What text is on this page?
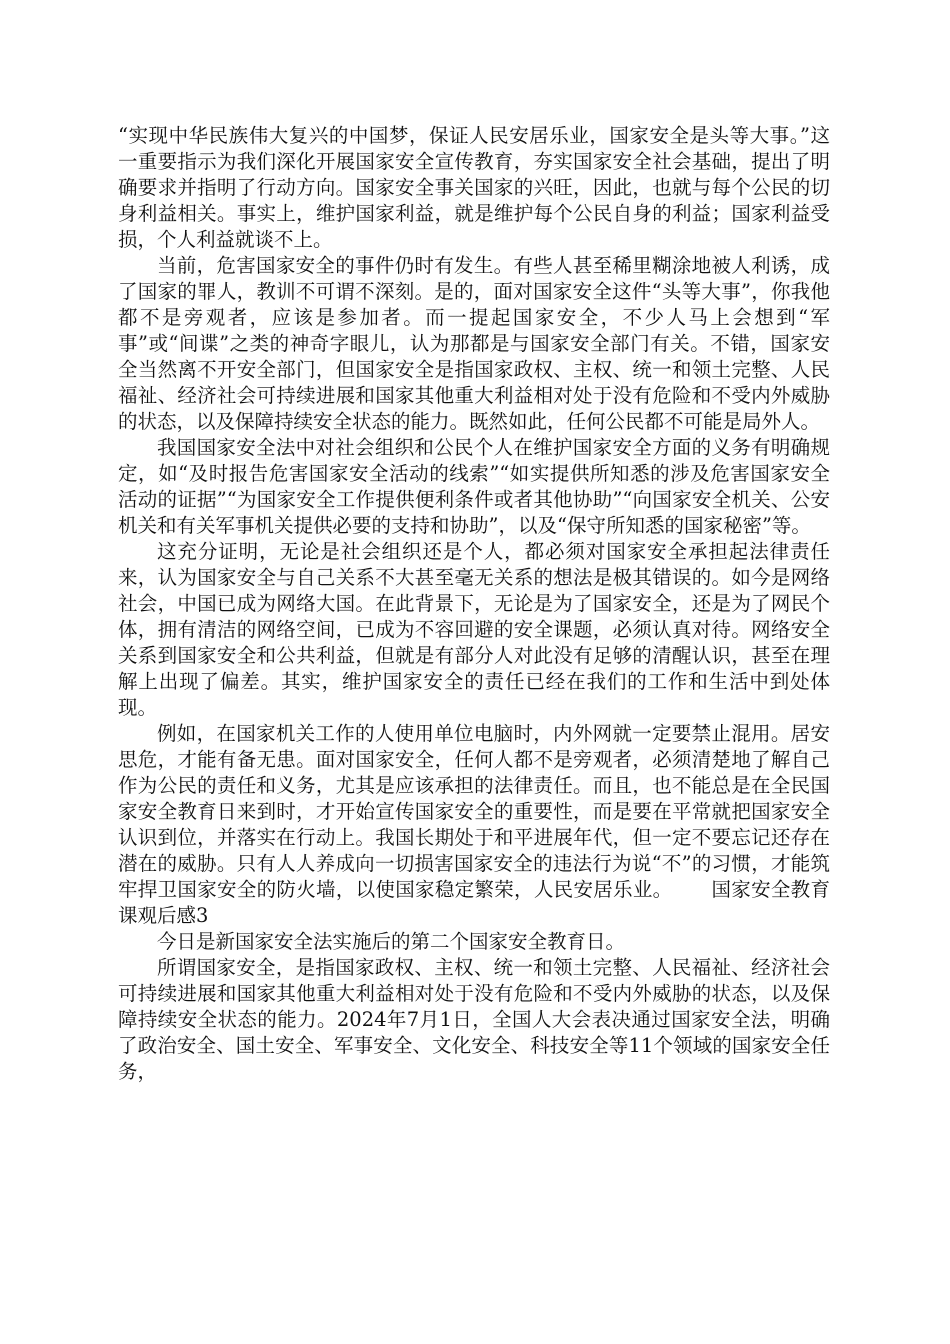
“实现中华民族伟大复兴的中国梦，保证人民安居乐业，国家安全是头等大事。”这一重要指示为我们深化开展国家安全宣传教育，夯实国家安全社会基础，提出了明确要求并指明了行动方向。国家安全事关国家的兴旺，因此，也就与每个公民的切身利益相关。事实上，维护国家利益，就是维护每个公民自身的利益；国家利益受损，个人利益就谈不上。

当前，危害国家安全的事件仍时有发生。有些人甚至稀里糊涂地被人利诱，成了国家的罪人，教训不可谓不深刻。是的，面对国家安全这件“头等大事”，你我他都不是旁观者，应该是参加者。而一提起国家安全，不少人马上会想到“军事”或“间谍”之类的神奇字眼儿，认为那都是与国家安全部门有关。不错，国家安全当然离不开安全部门，但国家安全是指国家政权、主权、统一和领土完整、人民福祉、经济社会可持续进展和国家其他重大利益相对处于没有危险和不受内外威胁的状态，以及保障持续安全状态的能力。既然如此，任何公民都不可能是局外人。

我国国家安全法中对社会组织和公民个人在维护国家安全方面的义务有明确规定，如“及时报告危害国家安全活动的线索”“如实提供所知悉的涉及危害国家安全活动的证据”“为国家安全工作提供便利条件或者其他协助”“向国家安全机关、公安机关和有关军事机关提供必要的支持和协助”，以及“保守所知悉的国家秘密”等。

这充分证明，无论是社会组织还是个人，都必须对国家安全承担起法律责任来，认为国家安全与自己关系不大甚至毫无关系的想法是极其错误的。如今是网络社会，中国已成为网络大国。在此背景下，无论是为了国家安全，还是为了网民个体，拥有清洁的网络空间，已成为不容回避的安全课题，必须认真对待。网络安全关系到国家安全和公共利益，但就是有部分人对此没有足够的清醒认识，甚至在理解上出现了偏差。其实，维护国家安全的责任已经在我们的工作和生活中到处体现。

例如，在国家机关工作的人使用单位电脑时，内外网就一定要禁止混用。居安思危，才能有备无患。面对国家安全，任何人都不是旁观者，必须清楚地了解自己作为公民的责任和义务，尤其是应该承担的法律责任。而且，也不能总是在全民国家安全教育日来到时，才开始宣传国家安全的重要性，而是要在平常就把国家安全认识到位，并落实在行动上。我国长期处于和平进展年代，但一定不要忘记还存在潜在的威胁。只有人人养成向一切损害国家安全的违法行为说“不”的习惯，才能筑牢捍卫国家安全的防火墙，以使国家稳定繁荣，人民安居乐业。 国家安全教育课观后感3

今日是新国家安全法实施后的第二个国家安全教育日。

所谓国家安全，是指国家政权、主权、统一和领土完整、人民福祉、经济社会可持续进展和国家其他重大利益相对处于没有危险和不受内外威胁的状态，以及保障持续安全状态的能力。2024年7月1日，全国人大会表决通过国家安全法，明确了政治安全、国土安全、军事安全、文化安全、科技安全等11个领域的国家安全任务，
